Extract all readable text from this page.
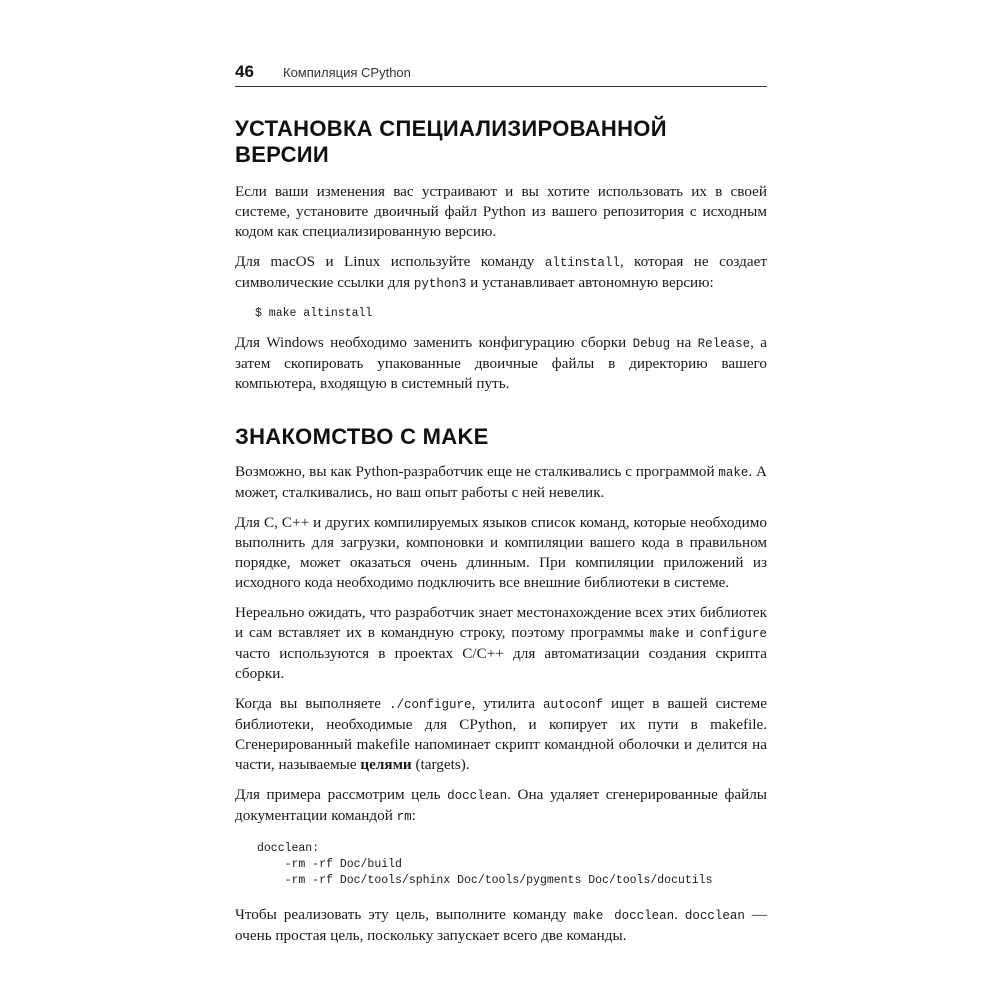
46 Компиляция CPython
УСТАНОВКА СПЕЦИАЛИЗИРОВАННОЙ ВЕРСИИ

Если ваши изменения вас устраивают и вы хотите использовать их в своей системе, установите двоичный файл Python из вашего репозитория с исходным кодом как специализированную версию.

Для macOS и Linux используйте команду altinstall, которая не создает символические ссылки для python3 и устанавливает автономную версию:

$ make altinstall

Для Windows необходимо заменить конфигурацию сборки Debug на Release, а затем скопировать упакованные двоичные файлы в директорию вашего компьютера, входящую в системный путь.

ЗНАКОМСТВО С MAKE

Возможно, вы как Python-разработчик еще не сталкивались с программой make. А может, сталкивались, но ваш опыт работы с ней невелик.

Для C, C++ и других компилируемых языков список команд, которые необходимо выполнить для загрузки, компоновки и компиляции вашего кода в правильном порядке, может оказаться очень длинным. При компиляции приложений из исходного кода необходимо подключить все внешние библиотеки в системе.

Нереально ожидать, что разработчик знает местонахождение всех этих библиотек и сам вставляет их в командную строку, поэтому программы make и configure часто используются в проектах C/C++ для автоматизации создания скрипта сборки.

Когда вы выполняете ./configure, утилита autoconf ищет в вашей системе библиотеки, необходимые для CPython, и копирует их пути в makefile. Сгенерированный makefile напоминает скрипт командной оболочки и делится на части, называемые целями (targets).

Для примера рассмотрим цель docclean. Она удаляет сгенерированные файлы документации командой rm:

docclean:
-rm -rf Doc/build
-rm -rf Doc/tools/sphinx Doc/tools/pygments Doc/tools/docutils

Чтобы реализовать эту цель, выполните команду make docclean. docclean — очень простая цель, поскольку запускает всего две команды.
